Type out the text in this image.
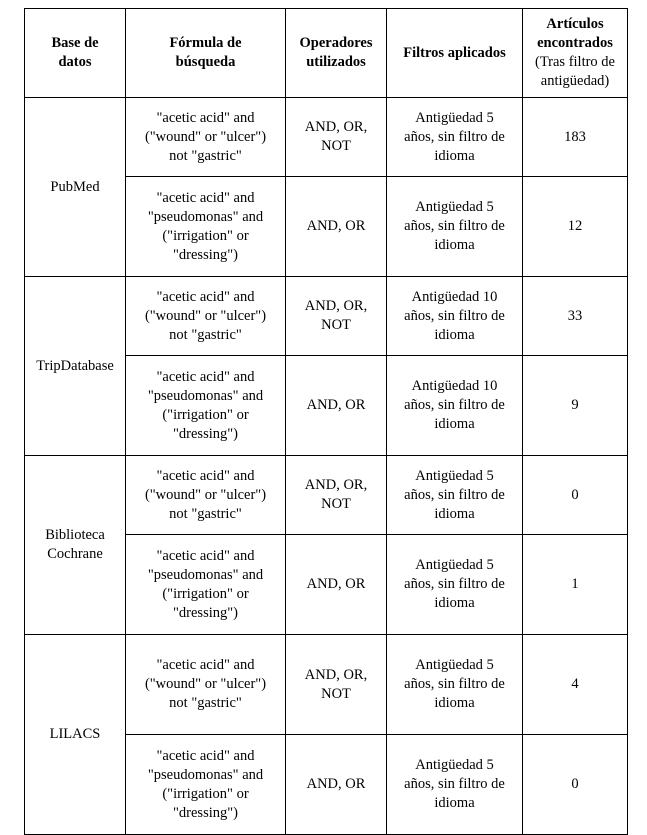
Base de
datos	Fórmula de
búsqueda	Operadores
utilizados	Filtros aplicados	Artículos
encontrados
(Tras filtro de
antigüedad)

PubMed	"acetic acid" and
("wound" or "ulcer")
not "gastric"	AND, OR,
NOT	Antigüedad 5
años, sin filtro de
idioma	183
	"acetic acid" and
"pseudomonas" and
("irrigation" or
"dressing")	AND, OR	Antigüedad 5
años, sin filtro de
idioma	12
TripDatabase	"acetic acid" and
("wound" or "ulcer")
not "gastric"	AND, OR,
NOT	Antigüedad 10
años, sin filtro de
idioma	33
	"acetic acid" and
"pseudomonas" and
("irrigation" or
"dressing")	AND, OR	Antigüedad 10
años, sin filtro de
idioma	9
Biblioteca
Cochrane	"acetic acid" and
("wound" or "ulcer")
not "gastric"	AND, OR,
NOT	Antigüedad 5
años, sin filtro de
idioma	0
	"acetic acid" and
"pseudomonas" and
("irrigation" or
"dressing")	AND, OR	Antigüedad 5
años, sin filtro de
idioma	1
LILACS	"acetic acid" and
("wound" or "ulcer")
not "gastric"	AND, OR,
NOT	Antigüedad 5
años, sin filtro de
idioma	4
	"acetic acid" and
"pseudomonas" and
("irrigation" or
"dressing")	AND, OR	Antigüedad 5
años, sin filtro de
idioma	0
